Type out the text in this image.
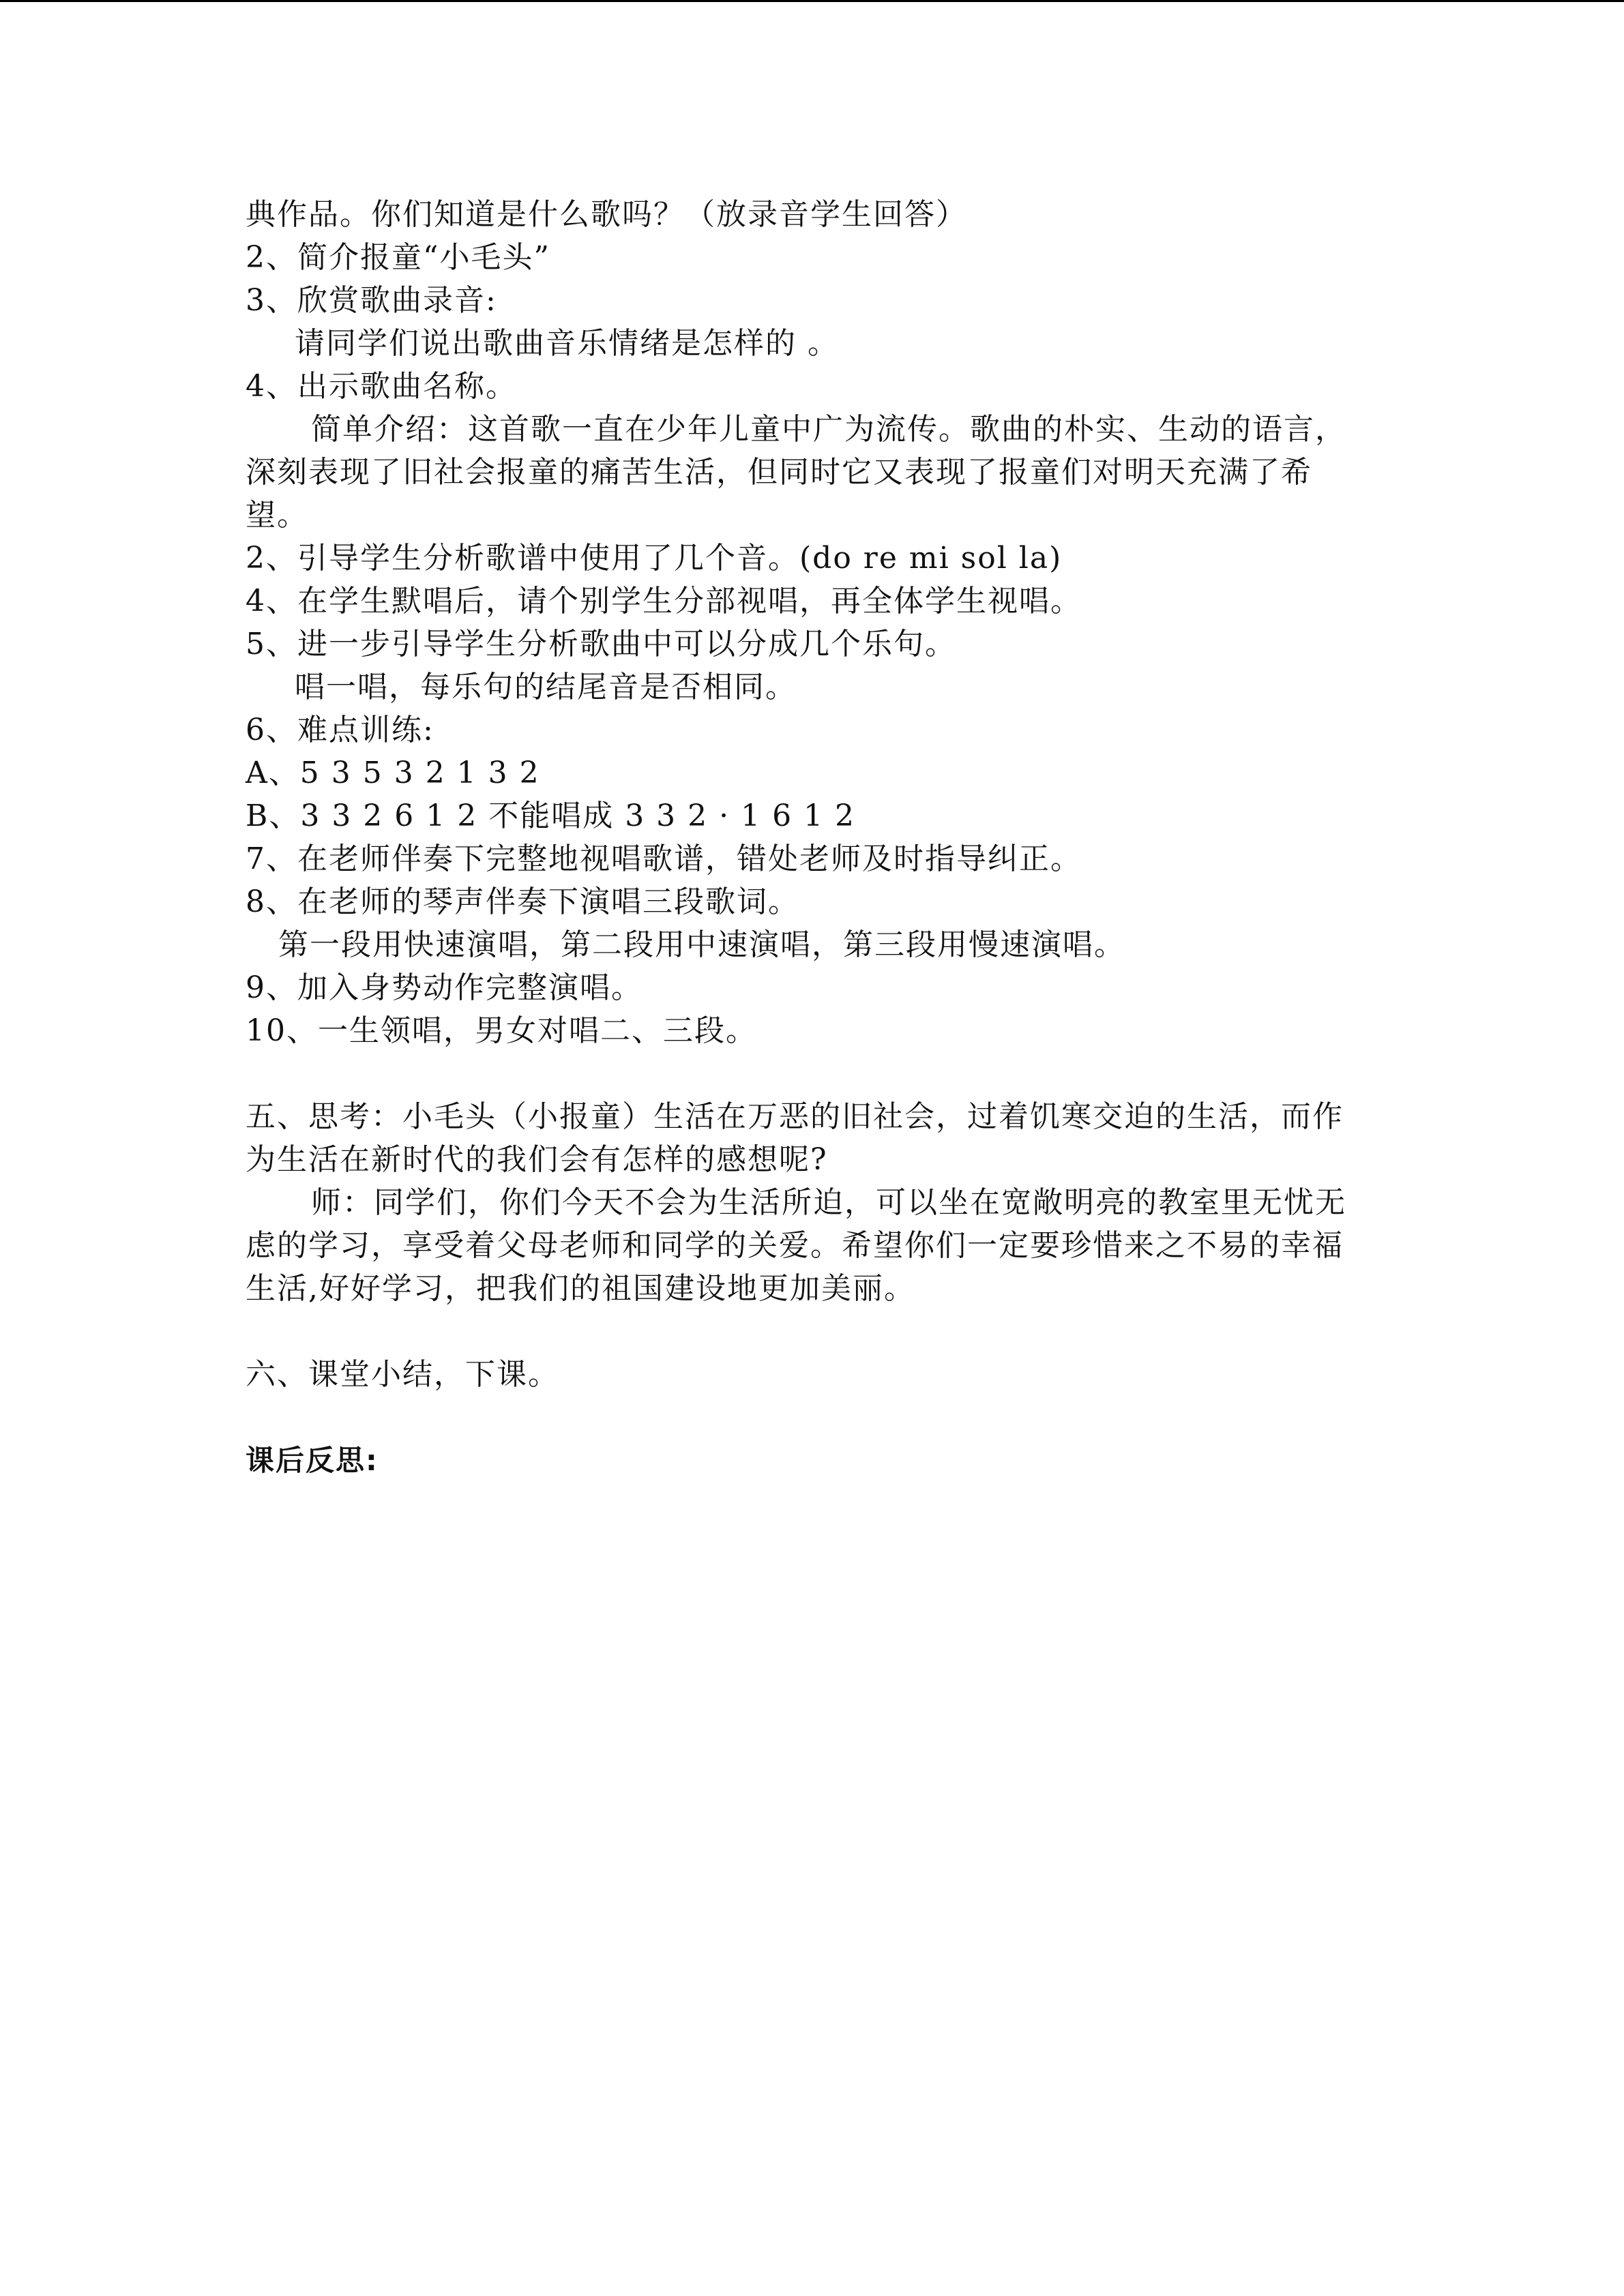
典作品。你们知道是什么歌吗？（放录音学生回答）
2、简介报童“小毛头”
3、欣赏歌曲录音:
请同学们说出歌曲音乐情绪是怎样的 。
4、出示歌曲名称。
简单介绍：这首歌一直在少年儿童中广为流传。歌曲的朴实、生动的语言，深刻表现了旧社会报童的痛苦生活，但同时它又表现了报童们对明天充满了希望。
2、引导学生分析歌谱中使用了几个音。(do re mi sol la)
4、在学生默唱后，请个别学生分部视唱，再全体学生视唱。
5、进一步引导学生分析歌曲中可以分成几个乐句。
唱一唱，每乐句的结尾音是否相同。
6、难点训练:
A、5 3 5 3 2 1 3 2
B、3 3 2 6 1 2 不能唱成 3 3 2 · 1 6 1 2
7、在老师伴奏下完整地视唱歌谱，错处老师及时指导纠正。
8、在老师的琴声伴奏下演唱三段歌词。
第一段用快速演唱，第二段用中速演唱，第三段用慢速演唱。
9、加入身势动作完整演唱。
10、一生领唱，男女对唱二、三段。
五、思考：小毛头（小报童）生活在万恶的旧社会，过着饥寒交迫的生活，而作为生活在新时代的我们会有怎样的感想呢?
师：同学们，你们今天不会为生活所迫，可以坐在宽敞明亮的教室里无忧无虑的学习，享受着父母老师和同学的关爱。希望你们一定要珍惜来之不易的幸福生活,好好学习，把我们的祖国建设地更加美丽。
六、课堂小结，下课。
课后反思:
